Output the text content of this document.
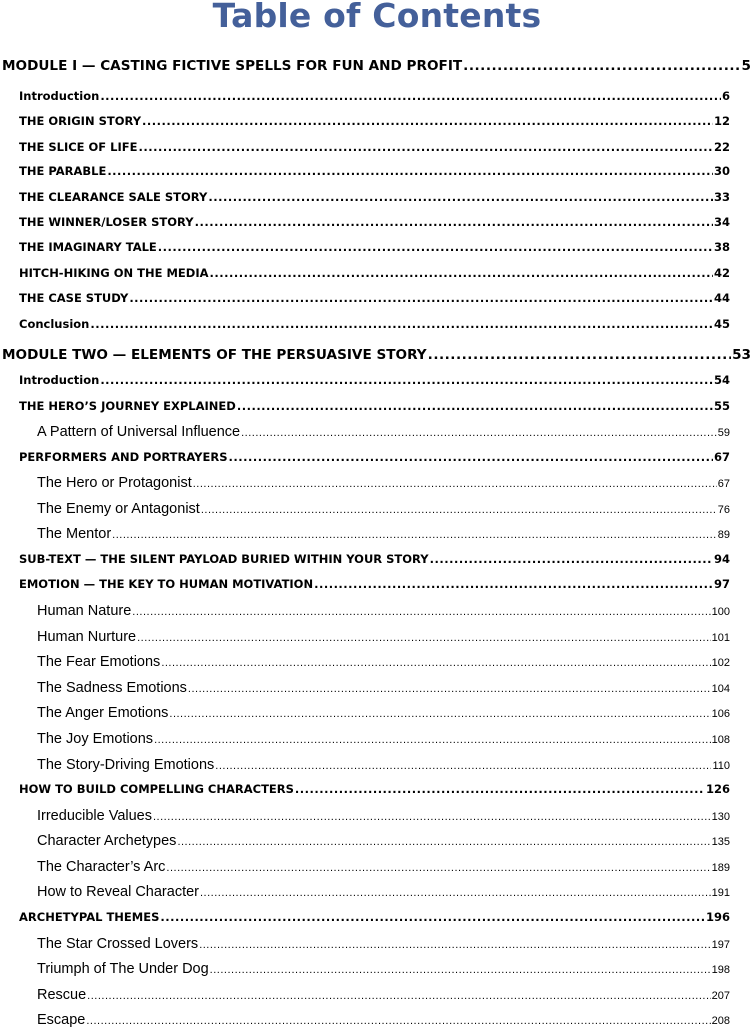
Table of Contents
MODULE I — CASTING FICTIVE SPELLS FOR FUN AND PROFIT .....	5
Introduction .....	6
THE ORIGIN STORY .....	12
THE SLICE OF LIFE .....	22
THE PARABLE .....	30
THE CLEARANCE SALE STORY .....	33
THE WINNER/LOSER STORY .....	34
THE IMAGINARY TALE .....	38
HITCH-HIKING ON THE MEDIA .....	42
THE CASE STUDY .....	44
Conclusion .....	45
MODULE TWO — ELEMENTS OF THE PERSUASIVE STORY .....	53
Introduction .....	54
THE HERO’S JOURNEY EXPLAINED .....	55
A Pattern of Universal Influence .....	59
PERFORMERS AND PORTRAYERS .....	67
The Hero or Protagonist .....	67
The Enemy or Antagonist .....	76
The Mentor .....	89
SUB-TEXT — THE SILENT PAYLOAD BURIED WITHIN YOUR STORY .....	94
EMOTION — THE KEY TO HUMAN MOTIVATION .....	97
Human Nature .....	100
Human Nurture .....	101
The Fear Emotions .....	102
The Sadness Emotions .....	104
The Anger Emotions .....	106
The Joy Emotions .....	108
The Story-Driving Emotions .....	110
HOW TO BUILD COMPELLING CHARACTERS .....	126
Irreducible Values .....	130
Character Archetypes .....	135
The Character’s Arc .....	189
How to Reveal Character .....	191
ARCHETYPAL THEMES .....	196
The Star Crossed Lovers .....	197
Triumph of The Under Dog .....	198
Rescue .....	207
Escape .....	208
